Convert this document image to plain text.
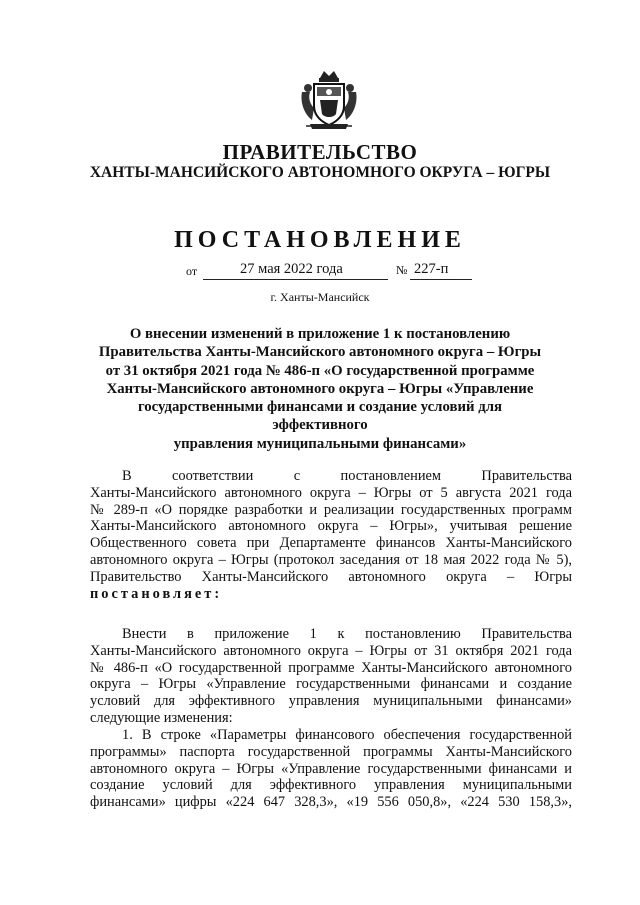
ПРАВИТЕЛЬСТВО
ХАНТЫ-МАНСИЙСКОГО АВТОНОМНОГО ОКРУГА – ЮГРЫ
ПОСТАНОВЛЕНИЕ
от	27 мая 2022 года	№ 227-п
г. Ханты-Мансийск
О внесении изменений в приложение 1 к постановлению
Правительства Ханты-Мансийского автономного округа – Югры
от 31 октября 2021 года № 486-п «О государственной программе
Ханты-Мансийского автономного округа – Югры «Управление
государственными финансами и создание условий для эффективного
управления муниципальными финансами»
В соответствии с постановлением Правительства
Ханты-Мансийского автономного округа – Югры от 5 августа 2021 года
№ 289-п «О порядке разработки и реализации государственных программ
Ханты-Мансийского автономного округа – Югры», учитывая решение
Общественного совета при Департаменте финансов Ханты-Мансийского
автономного округа – Югры (протокол заседания от 18 мая 2022 года № 5),
Правительство Ханты-Мансийского автономного округа – Югры
постановляет:
Внести в приложение 1 к постановлению Правительства
Ханты-Мансийского автономного округа – Югры от 31 октября 2021 года
№ 486-п «О государственной программе Ханты-Мансийского автономного
округа – Югры «Управление государственными финансами и создание
условий для эффективного управления муниципальными финансами»
следующие изменения:
1. В строке «Параметры финансового обеспечения государственной
программы» паспорта государственной программы Ханты-Мансийского
автономного округа – Югры «Управление государственными финансами и
создание условий для эффективного управления муниципальными
финансами» цифры «224 647 328,3», «19 556 050,8», «224 530 158,3»,
